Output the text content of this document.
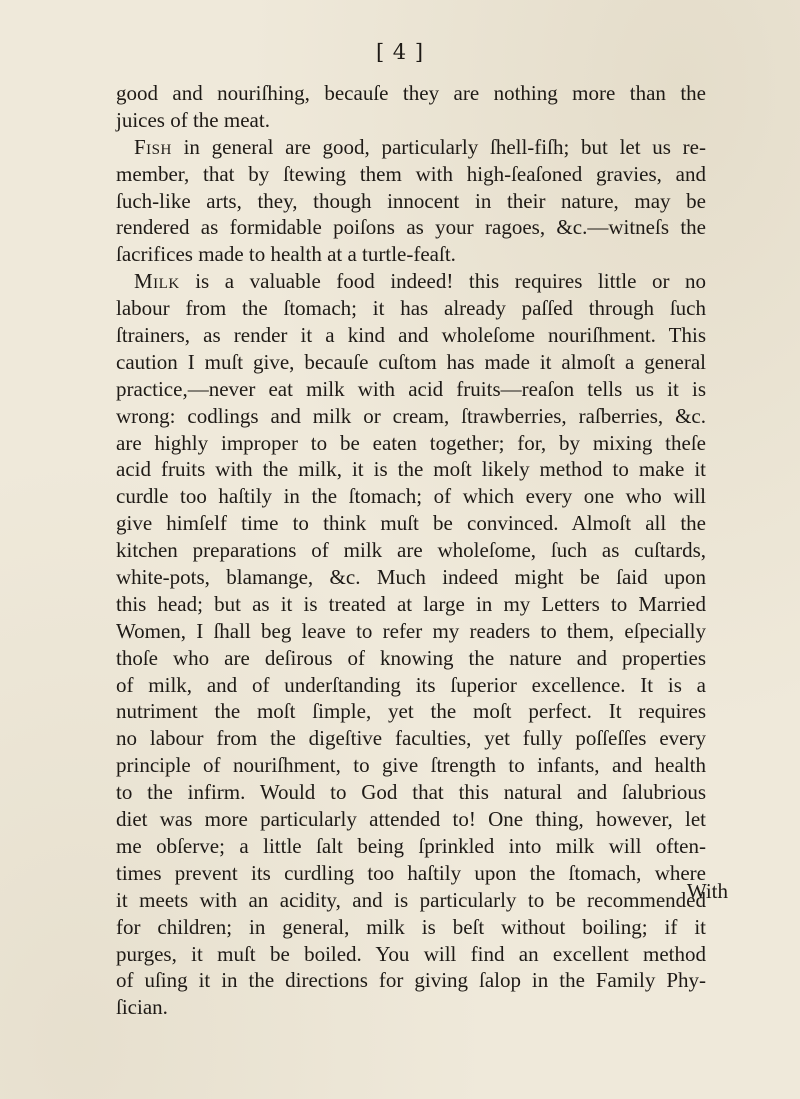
[ 4 ]
good and nouriſhing, becauſe they are nothing more than the
juices of the meat.
Fish in general are good, particularly ſhell-fiſh; but let us re-
member, that by ſtewing them with high-ſeaſoned gravies, and
ſuch-like arts, they, though innocent in their nature, may be
rendered as formidable poiſons as your ragoes, &c.—witneſs the
ſacrifices made to health at a turtle-feaſt.
Milk is a valuable food indeed! this requires little or no
labour from the ſtomach; it has already paſſed through ſuch
ſtrainers, as render it a kind and wholeſome nouriſhment. This
caution I muſt give, becauſe cuſtom has made it almoſt a general
practice,—never eat milk with acid fruits—reaſon tells us it is
wrong: codlings and milk or cream, ſtrawberries, raſberries, &c.
are highly improper to be eaten together; for, by mixing theſe
acid fruits with the milk, it is the moſt likely method to make it
curdle too haſtily in the ſtomach; of which every one who will
give himſelf time to think muſt be convinced. Almoſt all the
kitchen preparations of milk are wholeſome, ſuch as cuſtards,
white-pots, blamange, &c. Much indeed might be ſaid upon
this head; but as it is treated at large in my Letters to Married
Women, I ſhall beg leave to refer my readers to them, eſpecially
thoſe who are deſirous of knowing the nature and properties
of milk, and of underſtanding its ſuperior excellence. It is a
nutriment the moſt ſimple, yet the moſt perfect. It requires
no labour from the digeſtive faculties, yet fully poſſeſſes every
principle of nouriſhment, to give ſtrength to infants, and health
to the infirm. Would to God that this natural and ſalubrious
diet was more particularly attended to! One thing, however, let
me obſerve; a little ſalt being ſprinkled into milk will often-
times prevent its curdling too haſtily upon the ſtomach, where
it meets with an acidity, and is particularly to be recommended
for children; in general, milk is beſt without boiling; if it
purges, it muſt be boiled. You will find an excellent method
of uſing it in the directions for giving ſalop in the Family Phy-
ſician.
With
